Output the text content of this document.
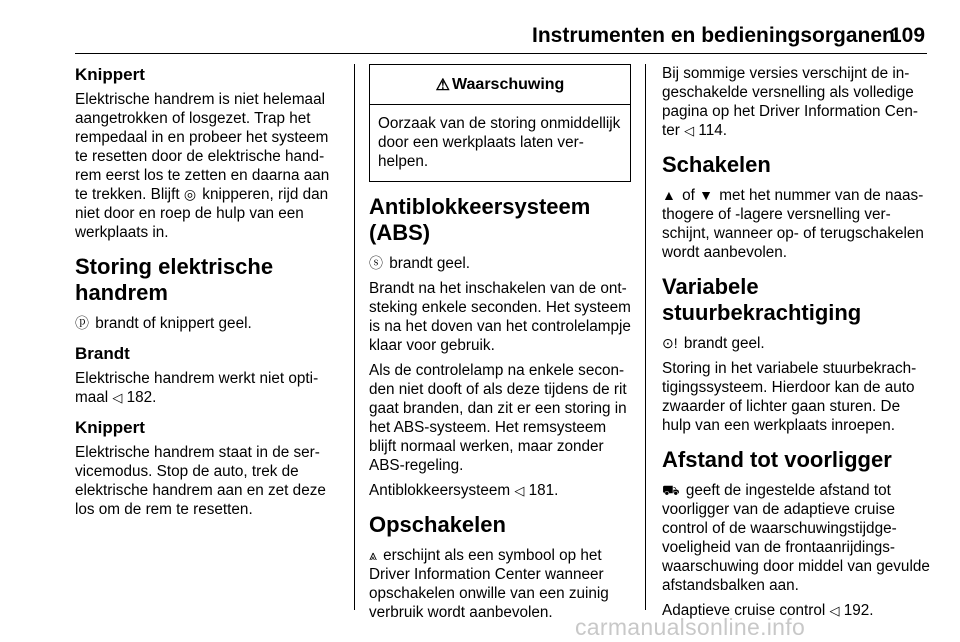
Instrumenten en bedieningsorganen
109
Knippert

Elektrische handrem is niet helemaal aangetrokken of losgezet. Trap het rempedaal in en probeer het systeem te resetten door de elektrische handrem eerst los te zetten en daarna aan te trekken. Blijft ◎ knipperen, rijd dan niet door en roep de hulp van een werkplaats in.

Storing elektrische handrem

ⓟ brandt of knippert geel.

Brandt

Elektrische handrem werkt niet optimaal ◁ 182.

Knippert

Elektrische handrem staat in de servicemodus. Stop de auto, trek de elektrische handrem aan en zet deze los om de rem te resetten.

⚠ Waarschuwing

Oorzaak van de storing onmiddellijk door een werkplaats laten verhelpen.

Antiblokkeersysteem (ABS)

ⓢ brandt geel.

Brandt na het inschakelen van de ontsteking enkele seconden. Het systeem is na het doven van het controlelampje klaar voor gebruik.

Als de controlelamp na enkele seconden niet dooft of als deze tijdens de rit gaat branden, dan zit er een storing in het ABS-systeem. Het remsysteem blijft normaal werken, maar zonder ABS-regeling.

Antiblokkeersysteem ◁ 181.

Opschakelen

⩓ erschijnt als een symbool op het Driver Information Center wanneer opschakelen onwille van een zuinig verbruik wordt aanbevolen.

Bij sommige versies verschijnt de ingeschakelde versnelling als volledige pagina op het Driver Information Center ◁ 114.

Schakelen

▲ of ▼ met het nummer van de naasthogere of -lagere versnelling verschijnt, wanneer op- of terugschakelen wordt aanbevolen.

Variabele
stuurbekrachtiging

⊙! brandt geel.

Storing in het variabele stuurbekrachtigingssysteem. Hierdoor kan de auto zwaarder of lichter gaan sturen. De hulp van een werkplaats inroepen.

Afstand tot voorligger

⛟ geeft de ingestelde afstand tot voorligger van de adaptieve cruise control of de waarschuwingstijdgevoeligheid van de frontaanrijdingswaarschuwing door middel van gevulde afstandsbalken aan.

Adaptieve cruise control ◁ 192.

carmanualsonline.info
